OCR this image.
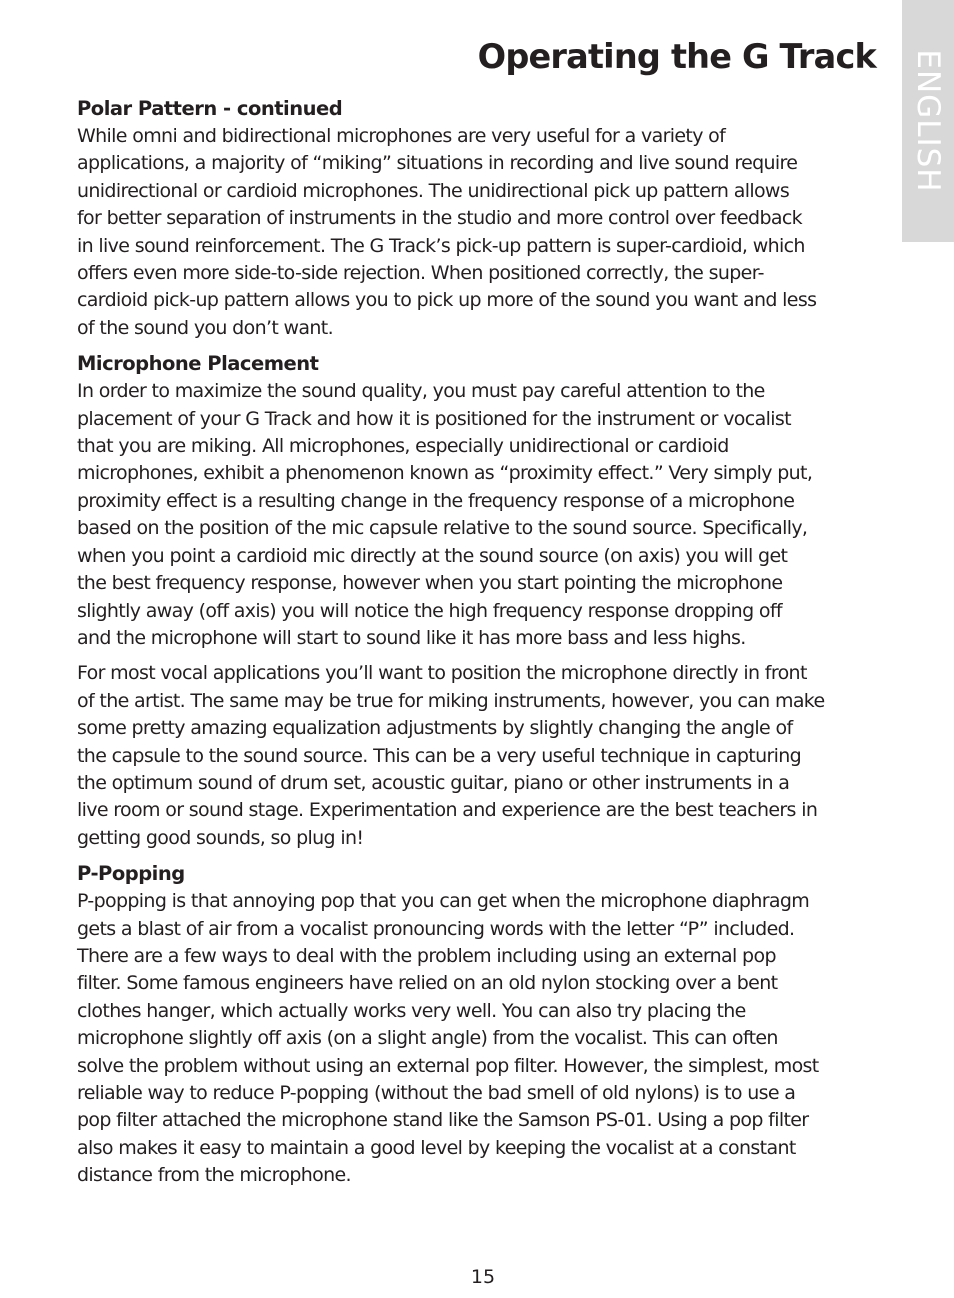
ENGLISH
Operating the G Track
Polar Pattern - continued

While omni and bidirectional microphones are very useful for a variety of
applications, a majority of “miking” situations in recording and live sound require
unidirectional or cardioid microphones. The unidirectional pick up pattern allows
for better separation of instruments in the studio and more control over feedback
in live sound reinforcement. The G Track’s pick-up pattern is super-cardioid, which
offers even more side-to-side rejection. When positioned correctly, the super-
cardioid pick-up pattern allows you to pick up more of the sound you want and less
of the sound you don’t want.

Microphone Placement

In order to maximize the sound quality, you must pay careful attention to the
placement of your G Track and how it is positioned for the instrument or vocalist
that you are miking. All microphones, especially unidirectional or cardioid
microphones, exhibit a phenomenon known as “proximity effect.” Very simply put,
proximity effect is a resulting change in the frequency response of a microphone
based on the position of the mic capsule relative to the sound source. Specifically,
when you point a cardioid mic directly at the sound source (on axis) you will get
the best frequency response, however when you start pointing the microphone
slightly away (off axis) you will notice the high frequency response dropping off
and the microphone will start to sound like it has more bass and less highs.

For most vocal applications you’ll want to position the microphone directly in front
of the artist. The same may be true for miking instruments, however, you can make
some pretty amazing equalization adjustments by slightly changing the angle of
the capsule to the sound source. This can be a very useful technique in capturing
the optimum sound of drum set, acoustic guitar, piano or other instruments in a
live room or sound stage. Experimentation and experience are the best teachers in
getting good sounds, so plug in!

P-Popping

P-popping is that annoying pop that you can get when the microphone diaphragm
gets a blast of air from a vocalist pronouncing words with the letter “P” included.
There are a few ways to deal with the problem including using an external pop
filter. Some famous engineers have relied on an old nylon stocking over a bent
clothes hanger, which actually works very well. You can also try placing the
microphone slightly off axis (on a slight angle) from the vocalist. This can often
solve the problem without using an external pop filter. However, the simplest, most
reliable way to reduce P-popping (without the bad smell of old nylons) is to use a
pop filter attached the microphone stand like the Samson PS-01. Using a pop filter
also makes it easy to maintain a good level by keeping the vocalist at a constant
distance from the microphone.

15
